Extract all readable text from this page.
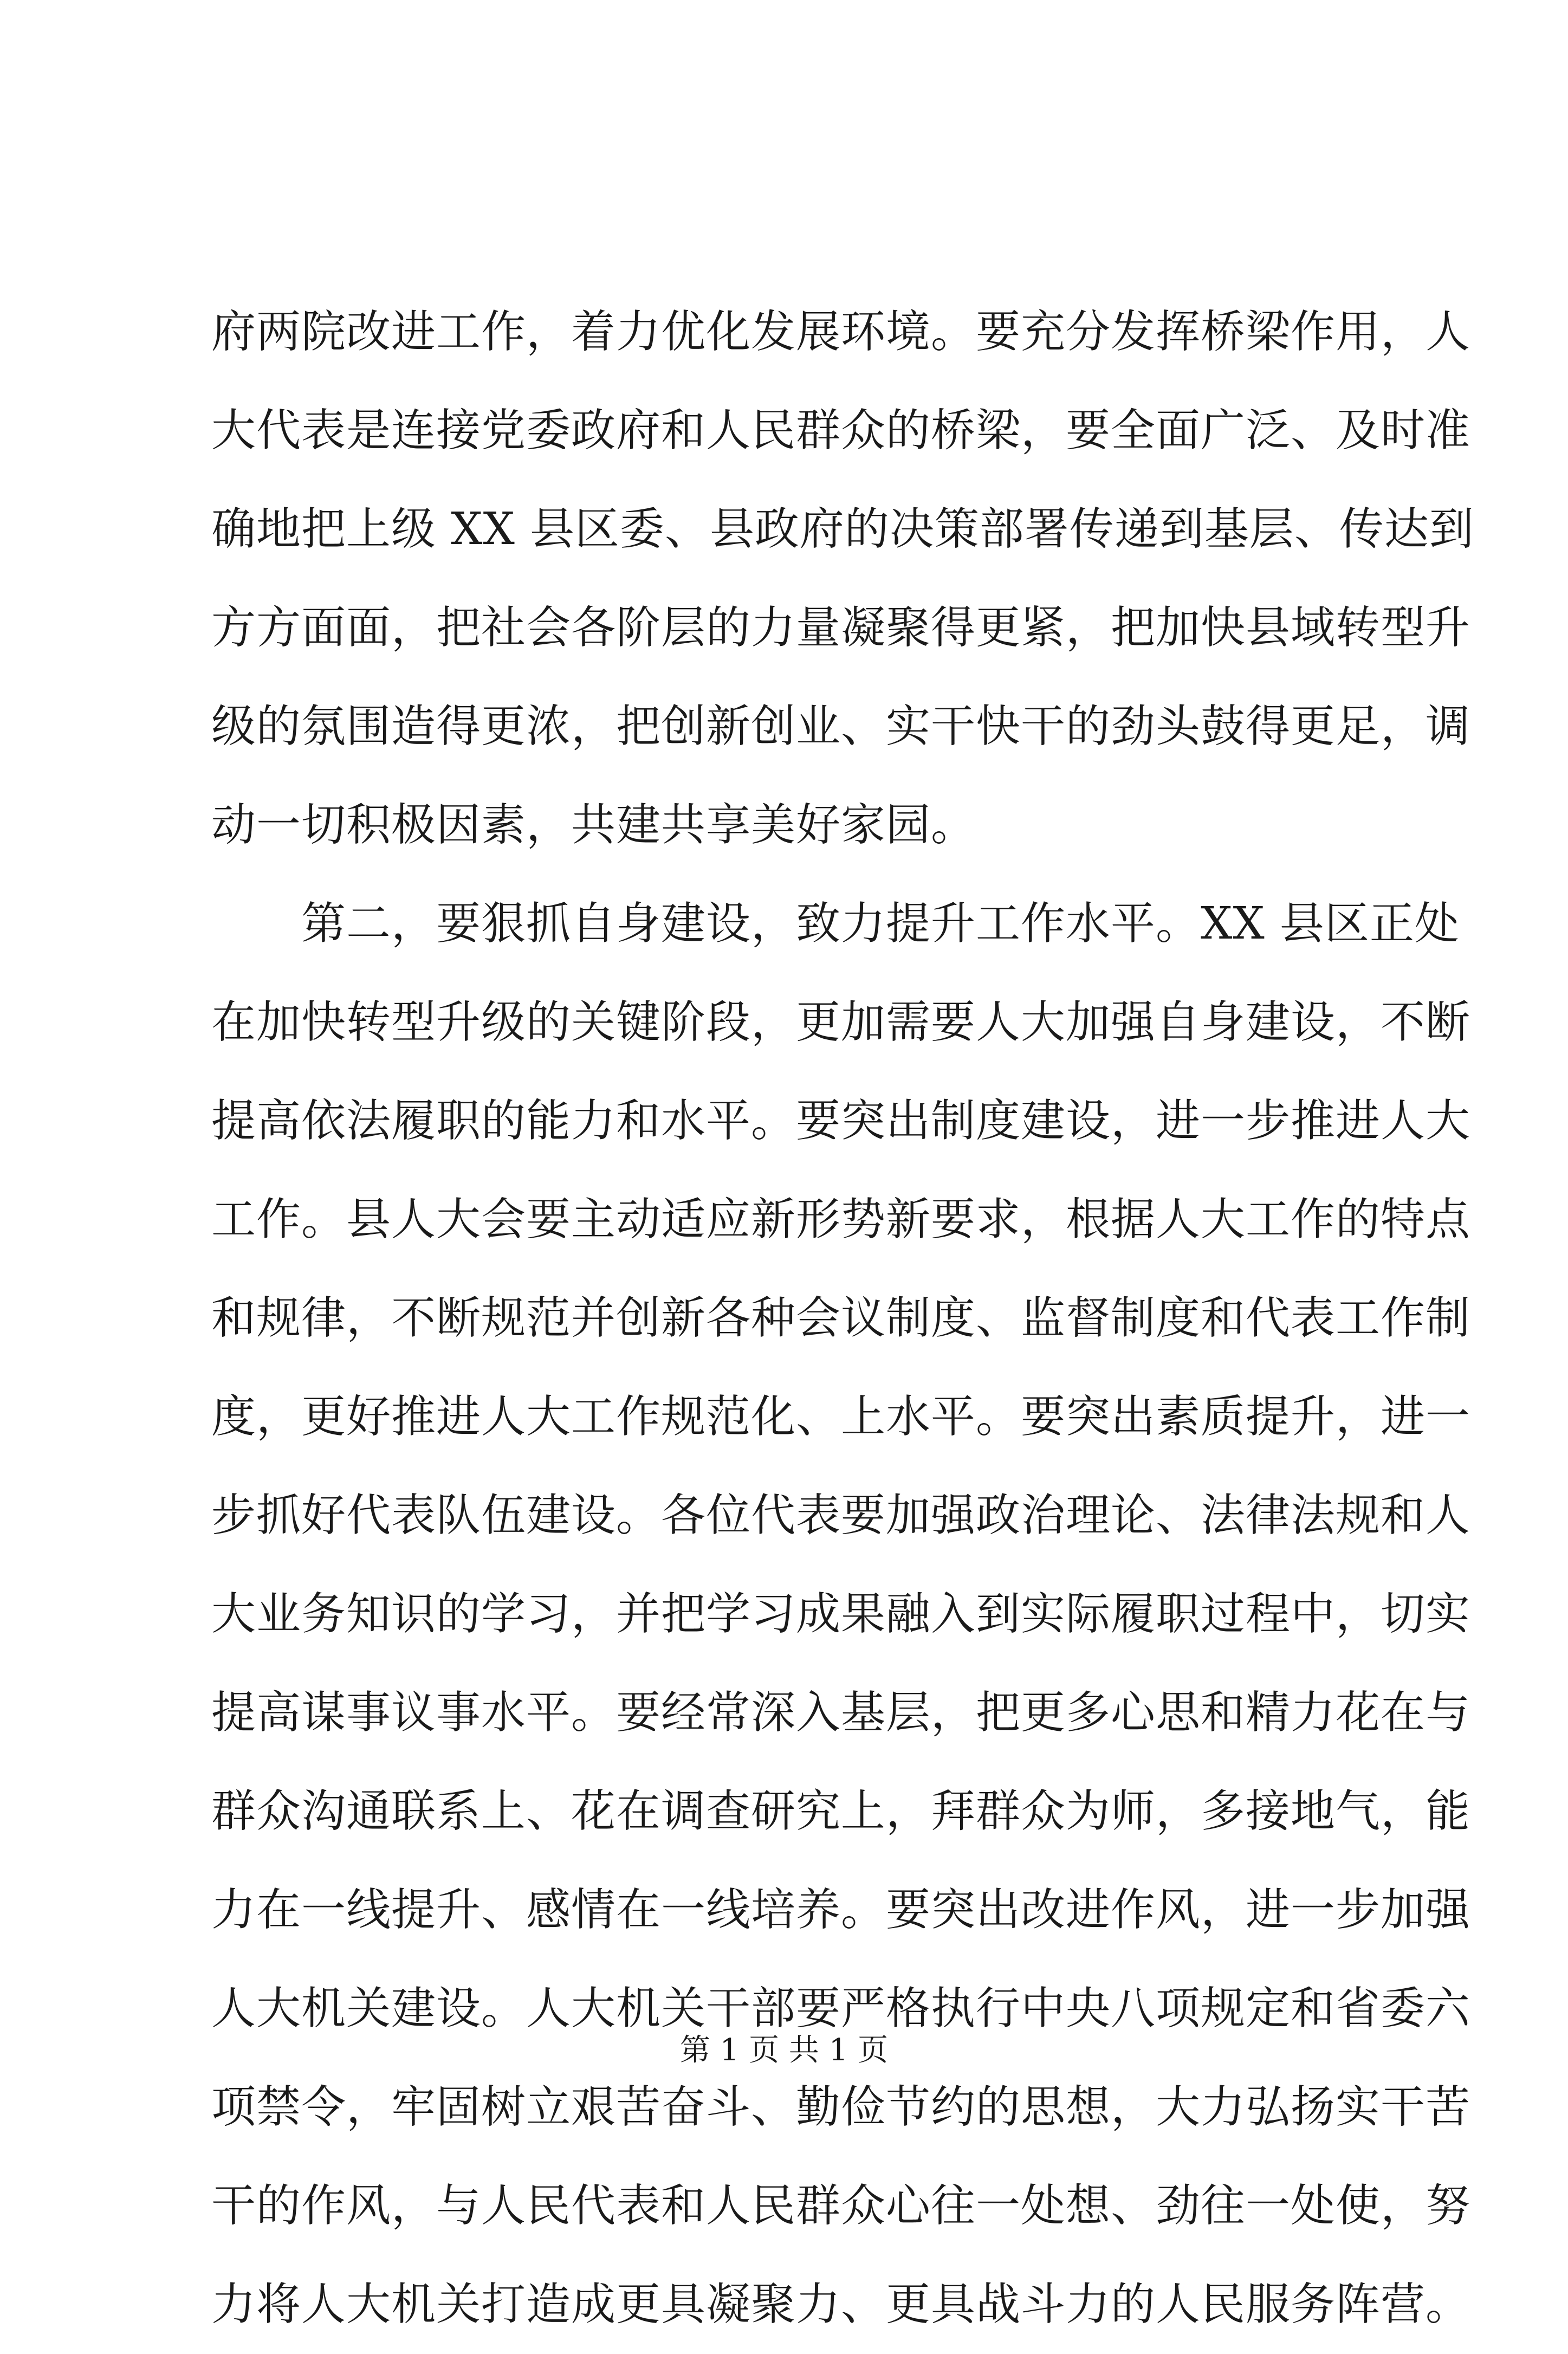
府两院改进工作，着力优化发展环境。要充分发挥桥梁作用，人
大代表是连接党委政府和人民群众的桥梁，要全面广泛、及时准
确地把上级 XX 县区委、县政府的决策部署传递到基层、传达到
方方面面，把社会各阶层的力量凝聚得更紧，把加快县域转型升
级的氛围造得更浓，把创新创业、实干快干的劲头鼓得更足，调
动一切积极因素，共建共享美好家园。
　　第二，要狠抓自身建设，致力提升工作水平。XX 县区正处
在加快转型升级的关键阶段，更加需要人大加强自身建设，不断
提高依法履职的能力和水平。要突出制度建设，进一步推进人大
工作。县人大会要主动适应新形势新要求，根据人大工作的特点
和规律，不断规范并创新各种会议制度、监督制度和代表工作制
度，更好推进人大工作规范化、上水平。要突出素质提升，进一
步抓好代表队伍建设。各位代表要加强政治理论、法律法规和人
大业务知识的学习，并把学习成果融入到实际履职过程中，切实
提高谋事议事水平。要经常深入基层，把更多心思和精力花在与
群众沟通联系上、花在调查研究上，拜群众为师，多接地气，能
力在一线提升、感情在一线培养。要突出改进作风，进一步加强
人大机关建设。人大机关干部要严格执行中央八项规定和省委六
项禁令，牢固树立艰苦奋斗、勤俭节约的思想，大力弘扬实干苦
干的作风，与人民代表和人民群众心往一处想、劲往一处使，努
力将人大机关打造成更具凝聚力、更具战斗力的人民服务阵营。
第 1 页 共 1 页
